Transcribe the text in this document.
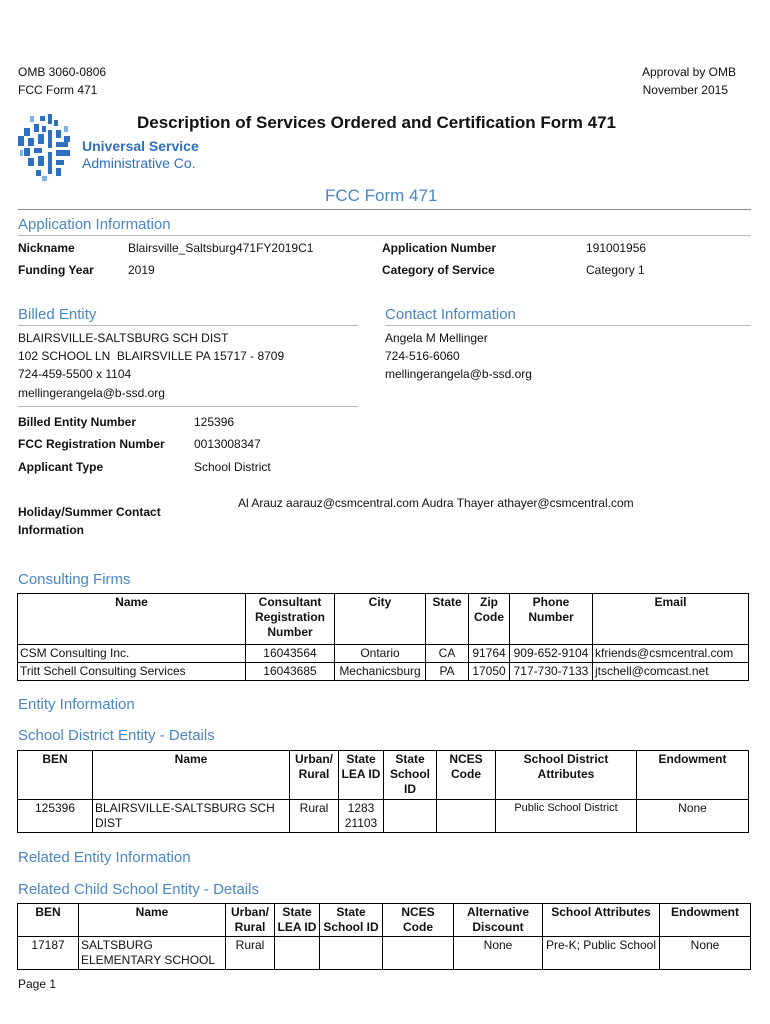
OMB 3060-0806
FCC Form 471
Approval by OMB
November 2015
Description of Services Ordered and Certification Form 471
Universal Service
Administrative Co.
FCC Form 471
Application Information
Nickname	Blairsville_Saltsburg471FY2019C1	Application Number	191001956
Funding Year	2019	Category of Service	Category 1
Billed Entity	Contact Information
BLAIRSVILLE-SALTSBURG SCH DIST
102 SCHOOL LN  BLAIRSVILLE PA 15717 - 8709
724-459-5500 x 1104
mellingerangela@b-ssd.org
Angela M Mellinger
724-516-6060
mellingerangela@b-ssd.org
Billed Entity Number	125396
FCC Registration Number 0013008347
Applicant Type	School District
Holiday/Summer Contact
Information
Al Arauz aarauz@csmcentral.com Audra Thayer athayer@csmcentral.com
Consulting Firms
Name	Consultant Registration Number	City	State	Zip Code	Phone Number	Email
CSM Consulting Inc.	16043564	Ontario	CA	91764	909-652-9104	kfriends@csmcentral.com
Tritt Schell Consulting Services	16043685	Mechanicsburg	PA	17050	717-730-7133	jtschell@comcast.net
Entity Information
School District Entity - Details
BEN	Name	Urban/ Rural	State LEA ID	State School ID	NCES Code	School District Attributes	Endowment
125396	BLAIRSVILLE-SALTSBURG SCH DIST	Rural	1283 21103			Public School District	None
Related Entity Information
Related Child School Entity - Details
BEN	Name	Urban/ Rural	State LEA ID	State School ID	NCES Code	Alternative Discount	School Attributes	Endowment
17187	SALTSBURG ELEMENTARY SCHOOL	Rural				None	Pre-K; Public School	None
Page 1
